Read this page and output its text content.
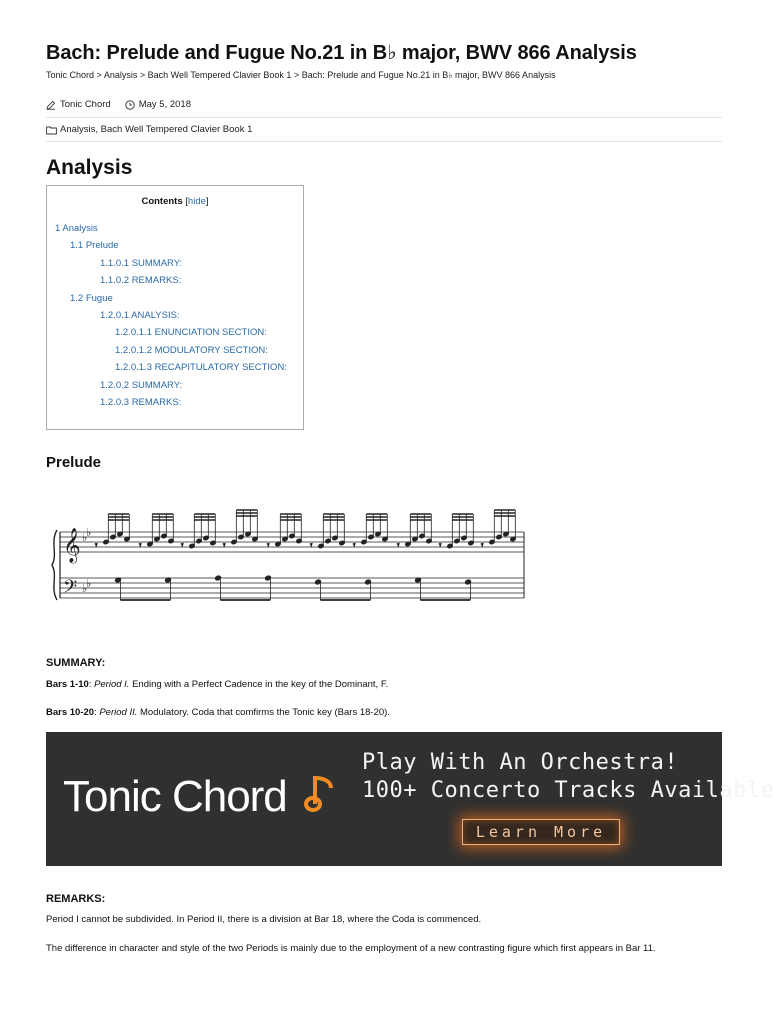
Bach: Prelude and Fugue No.21 in B♭ major, BWV 866 Analysis
Tonic Chord > Analysis > Bach Well Tempered Clavier Book 1 > Bach: Prelude and Fugue No.21 in B♭ major, BWV 866 Analysis
Tonic Chord	May 5, 2018
Analysis, Bach Well Tempered Clavier Book 1
Analysis
Contents [hide]
1 Analysis
1.1 Prelude
1.1.0.1 SUMMARY:
1.1.0.2 REMARKS:
1.2 Fugue
1.2.0.1 ANALYSIS:
1.2.0.1.1 ENUNCIATION SECTION:
1.2.0.1.2 MODULATORY SECTION:
1.2.0.1.3 RECAPITULATORY SECTION:
1.2.0.2 SUMMARY:
1.2.0.3 REMARKS:
Prelude
𝄾	𝄾	𝄾	𝄾	𝄾	𝄾	𝄾	𝄾	𝄾	𝄾
𝄞
𝄢
♭
♭
♭
♭
SUMMARY:

Bars 1-10: Period I. Ending with a Perfect Cadence in the key of the Dominant, F.

Bars 10-20: Period II. Modulatory. Coda that comfirms the Tonic key (Bars 18-20).

Tonic Chord
Play With An Orchestra!
100+ Concerto Tracks Available
Learn More
REMARKS:

Period I cannot be subdivided. In Period II, there is a division at Bar 18, where the Coda is commenced.

The difference in character and style of the two Periods is mainly due to the employment of a new contrasting figure which first appears in Bar 11.
